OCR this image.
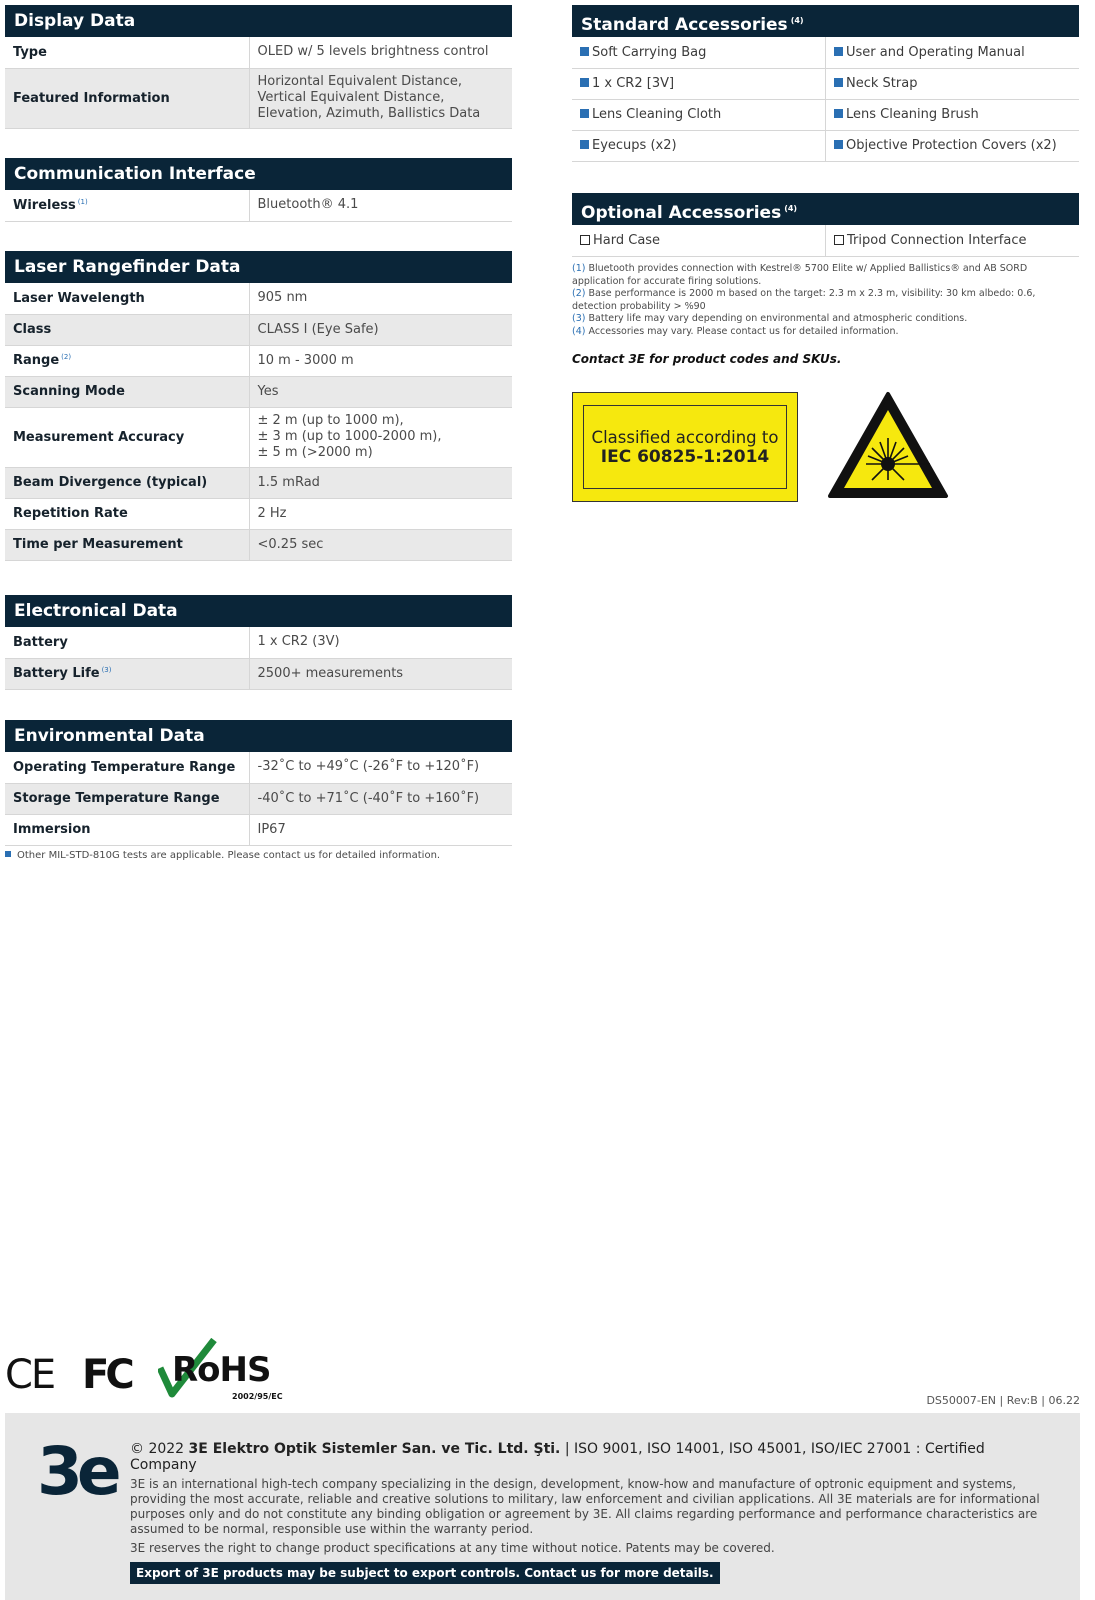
Display Data
Type	OLED w/ 5 levels brightness control
Featured Information	Horizontal Equivalent Distance, Vertical Equivalent Distance, Elevation, Azimuth, Ballistics Data
Communication Interface
Wireless $^{(1)}$	Bluetooth® 4.1
Laser Rangefinder Data
Laser Wavelength	905 nm
Class	CLASS I (Eye Safe)
Range $^{(2)}$	10 m - 3000 m
Scanning Mode	Yes
Measurement Accuracy	± 2 m (up to 1000 m),
± 3 m (up to 1000-2000 m),
± 5 m (>2000 m)

Beam Divergence (typical)	1.5 mRad
Repetition Rate	2 Hz
Time per Measurement	<0.25 sec
Electronical Data
Battery	1 x CR2 (3V)
Battery Life $^{(3)}$	2500+ measurements
Environmental Data
Operating Temperature Range	-32˚C to +49˚C (-26˚F to +120˚F)
Storage Temperature Range	-40˚C to +71˚C (-40˚F to +160˚F)
Immersion	IP67
Other MIL-STD-810G tests are applicable. Please contact us for detailed information.
Standard Accessories $^{(4)}$
Soft Carrying Bag	User and Operating Manual
1 x CR2 [3V]	Neck Strap
Lens Cleaning Cloth	Lens Cleaning Brush
Eyecups (x2)	Objective Protection Covers (x2)
Optional Accessories $^{(4)}$
Hard Case	Tripod Connection Interface
(1) Bluetooth provides connection with Kestrel® 5700 Elite w/ Applied Ballistics® and AB SORD application for accurate firing solutions.
(2) Base performance is 2000 m based on the target: 2.3 m x 2.3 m, visibility: 30 km albedo: 0.6, detection probability > %90
(3) Battery life may vary depending on environmental and atmospheric conditions.
(4) Accessories may vary. Please contact us for detailed information.
Contact 3E for product codes and SKUs.
Classified according to
IEC 60825-1:2014
CE FC RoHS
2002/95/EC	DS50007-EN | Rev:B | 06.22
3e © 2022 3E Elektro Optik Sistemler San. ve Tic. Ltd. Şti. | ISO 9001, ISO 14001, ISO 45001, ISO/IEC 27001 : Certified Company

3E is an international high-tech company specializing in the design, development, know-how and manufacture of optronic equipment and systems, providing the most accurate, reliable and creative solutions to military, law enforcement and civilian applications. All 3E materials are for informational purposes only and do not constitute any binding obligation or agreement by 3E. All claims regarding performance and performance characteristics are assumed to be normal, responsible use within the warranty period.

3E reserves the right to change product specifications at any time without notice. Patents may be covered.

Export of 3E products may be subject to export controls. Contact us for more details.
